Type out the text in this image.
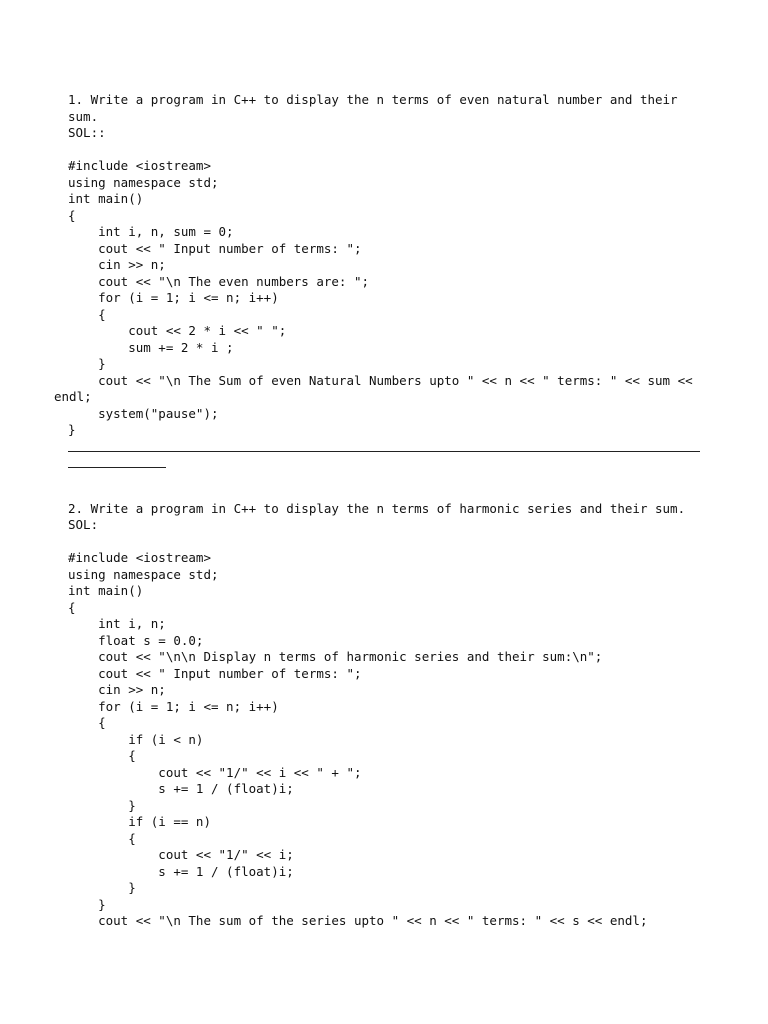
1. Write a program in C++ to display the n terms of even natural number and their
sum.
SOL::
#include <iostream>
using namespace std;
int main()
{
int i, n, sum = 0;
cout << " Input number of terms: ";
cin >> n;
cout << "\n The even numbers are: ";
for (i = 1; i <= n; i++)
{
cout << 2 * i << " ";
sum += 2 * i ;
}
cout << "\n The Sum of even Natural Numbers upto " << n << " terms: " << sum <<
endl;
system("pause");
}
2. Write a program in C++ to display the n terms of harmonic series and their sum.
SOL:
#include <iostream>
using namespace std;
int main()
{
int i, n;
float s = 0.0;
cout << "\n\n Display n terms of harmonic series and their sum:\n";
cout << " Input number of terms: ";
cin >> n;
for (i = 1; i <= n; i++)
{
if (i < n)
{
cout << "1/" << i << " + ";
s += 1 / (float)i;
}
if (i == n)
{
cout << "1/" << i;
s += 1 / (float)i;
}
}
cout << "\n The sum of the series upto " << n << " terms: " << s << endl;
